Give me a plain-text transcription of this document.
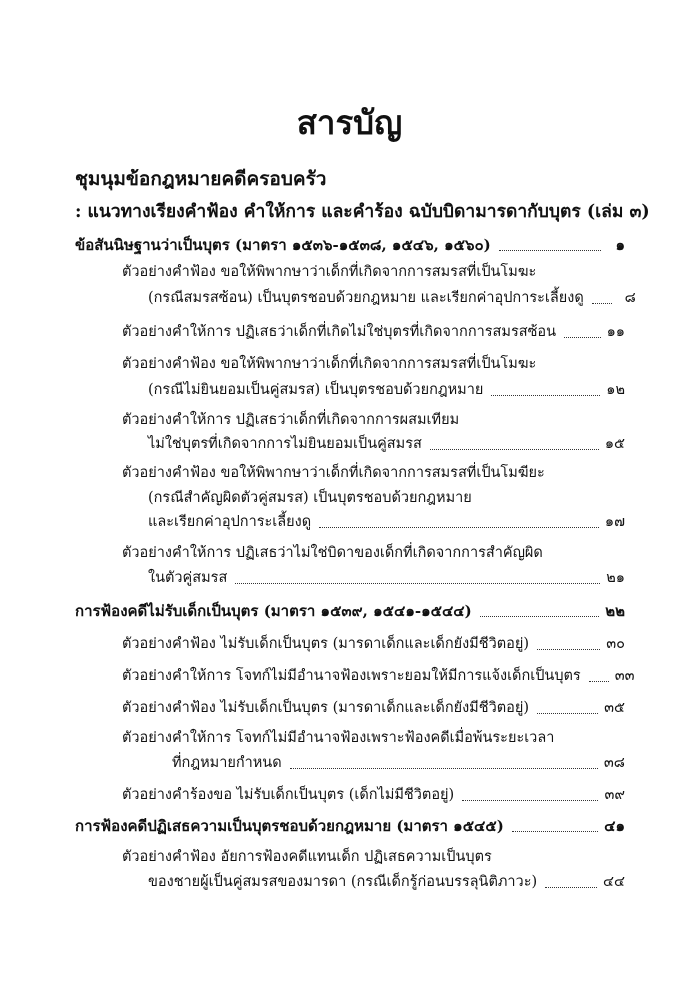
สารบัญ
ชุมนุมข้อกฎหมายคดีครอบครัว
: แนวทางเรียงคำฟ้อง คำให้การ และคำร้อง ฉบับบิดามารดากับบุตร (เล่ม ๓)
ข้อสันนิษฐานว่าเป็นบุตร (มาตรา ๑๕๓๖-๑๕๓๘, ๑๕๔๖, ๑๕๖๐)	๑
ตัวอย่างคำฟ้อง ขอให้พิพากษาว่าเด็กที่เกิดจากการสมรสที่เป็นโมฆะ
(กรณีสมรสซ้อน) เป็นบุตรชอบด้วยกฎหมาย และเรียกค่าอุปการะเลี้ยงดู	๘
ตัวอย่างคำให้การ ปฏิเสธว่าเด็กที่เกิดไม่ใช่บุตรที่เกิดจากการสมรสซ้อน	๑๑
ตัวอย่างคำฟ้อง ขอให้พิพากษาว่าเด็กที่เกิดจากการสมรสที่เป็นโมฆะ
(กรณีไม่ยินยอมเป็นคู่สมรส) เป็นบุตรชอบด้วยกฎหมาย	๑๒
ตัวอย่างคำให้การ ปฏิเสธว่าเด็กที่เกิดจากการผสมเทียม
ไม่ใช่บุตรที่เกิดจากการไม่ยินยอมเป็นคู่สมรส	๑๕
ตัวอย่างคำฟ้อง ขอให้พิพากษาว่าเด็กที่เกิดจากการสมรสที่เป็นโมฆียะ
(กรณีสำคัญผิดตัวคู่สมรส) เป็นบุตรชอบด้วยกฎหมาย
และเรียกค่าอุปการะเลี้ยงดู	๑๗
ตัวอย่างคำให้การ ปฏิเสธว่าไม่ใช่บิดาของเด็กที่เกิดจากการสำคัญผิด
ในตัวคู่สมรส	๒๑
การฟ้องคดีไม่รับเด็กเป็นบุตร (มาตรา ๑๕๓๙, ๑๕๔๑-๑๕๔๔)	๒๒
ตัวอย่างคำฟ้อง ไม่รับเด็กเป็นบุตร (มารดาเด็กและเด็กยังมีชีวิตอยู่)	๓๐
ตัวอย่างคำให้การ โจทก์ไม่มีอำนาจฟ้องเพราะยอมให้มีการแจ้งเด็กเป็นบุตร ๓๓
ตัวอย่างคำฟ้อง ไม่รับเด็กเป็นบุตร (มารดาเด็กและเด็กยังมีชีวิตอยู่)	๓๕
ตัวอย่างคำให้การ โจทก์ไม่มีอำนาจฟ้องเพราะฟ้องคดีเมื่อพ้นระยะเวลา
ที่กฎหมายกำหนด	๓๘
ตัวอย่างคำร้องขอ ไม่รับเด็กเป็นบุตร (เด็กไม่มีชีวิตอยู่)	๓๙
การฟ้องคดีปฏิเสธความเป็นบุตรชอบด้วยกฎหมาย (มาตรา ๑๕๔๕)	๔๑
ตัวอย่างคำฟ้อง อัยการฟ้องคดีแทนเด็ก ปฏิเสธความเป็นบุตร
ของชายผู้เป็นคู่สมรสของมารดา (กรณีเด็กรู้ก่อนบรรลุนิติภาวะ)	๔๔
